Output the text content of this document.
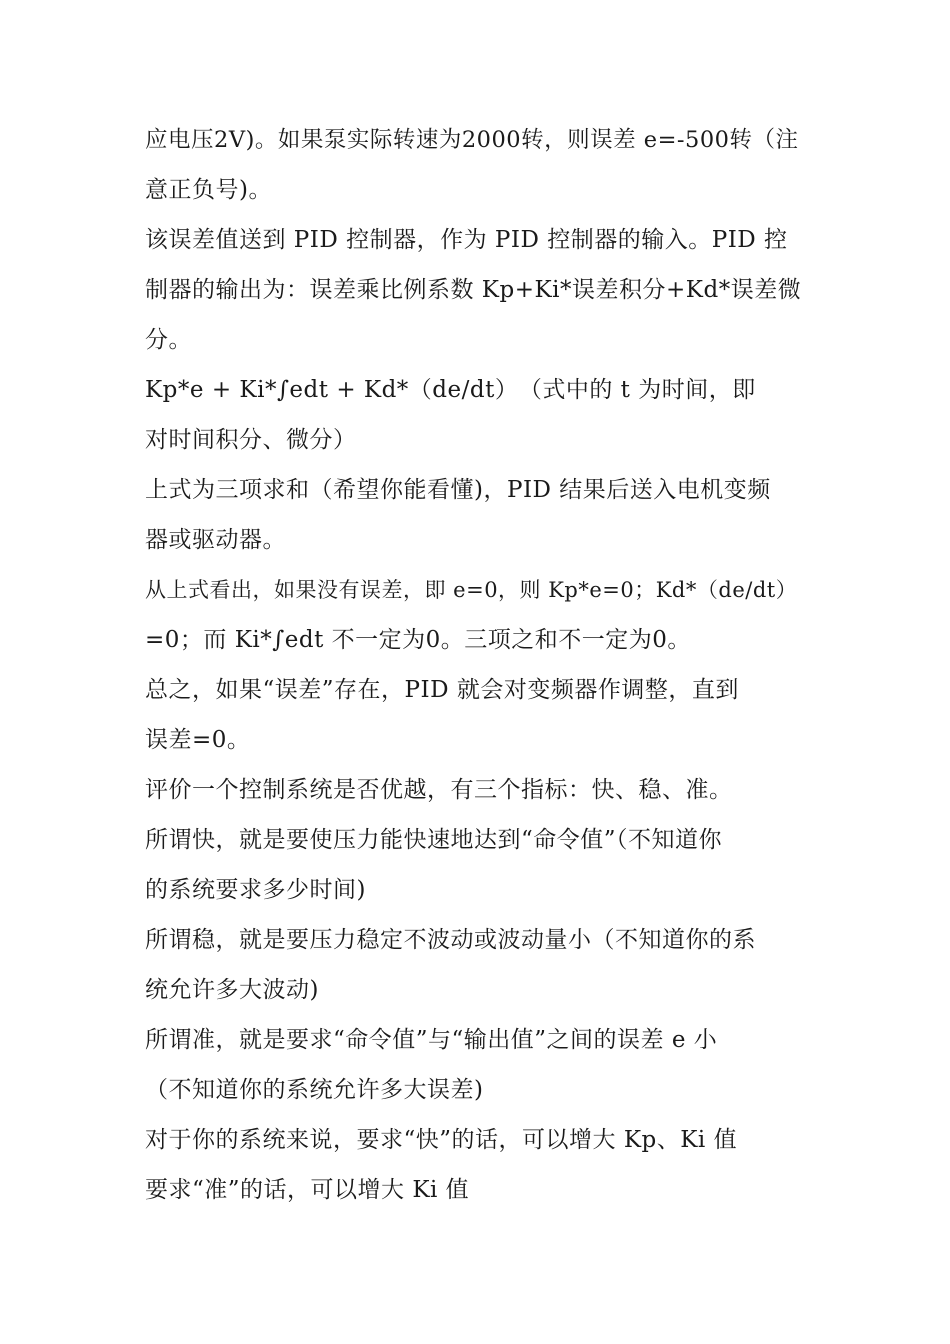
应电压2V)。如果泵实际转速为2000转，则误差 e=-500转（注
意正负号)。
该误差值送到 PID 控制器，作为 PID 控制器的输入。PID 控
制器的输出为：误差乘比例系数 Kp+Ki*误差积分+Kd*误差微
分。
Kp*e + Ki*∫edt + Kd*（de/dt）　（式中的 t 为时间，即
对时间积分、微分）
上式为三项求和（希望你能看懂)，PID 结果后送入电机变频
器或驱动器。
从上式看出，如果没有误差，即 e=0，则 Kp*e=0；Kd*（de/dt）
=0；而 Ki*∫edt 不一定为0。三项之和不一定为0。
总之，如果“误差”存在，PID 就会对变频器作调整，直到
误差=0。
评价一个控制系统是否优越，有三个指标：快、稳、准。
所谓快，就是要使压力能快速地达到“命令值”（不知道你
的系统要求多少时间)
所谓稳，就是要压力稳定不波动或波动量小（不知道你的系
统允许多大波动)
所谓准，就是要求“命令值”与“输出值”之间的误差 e 小
（不知道你的系统允许多大误差)
对于你的系统来说，要求“快”的话，可以增大 Kp、Ki 值
要求“准”的话，可以增大 Ki 值
